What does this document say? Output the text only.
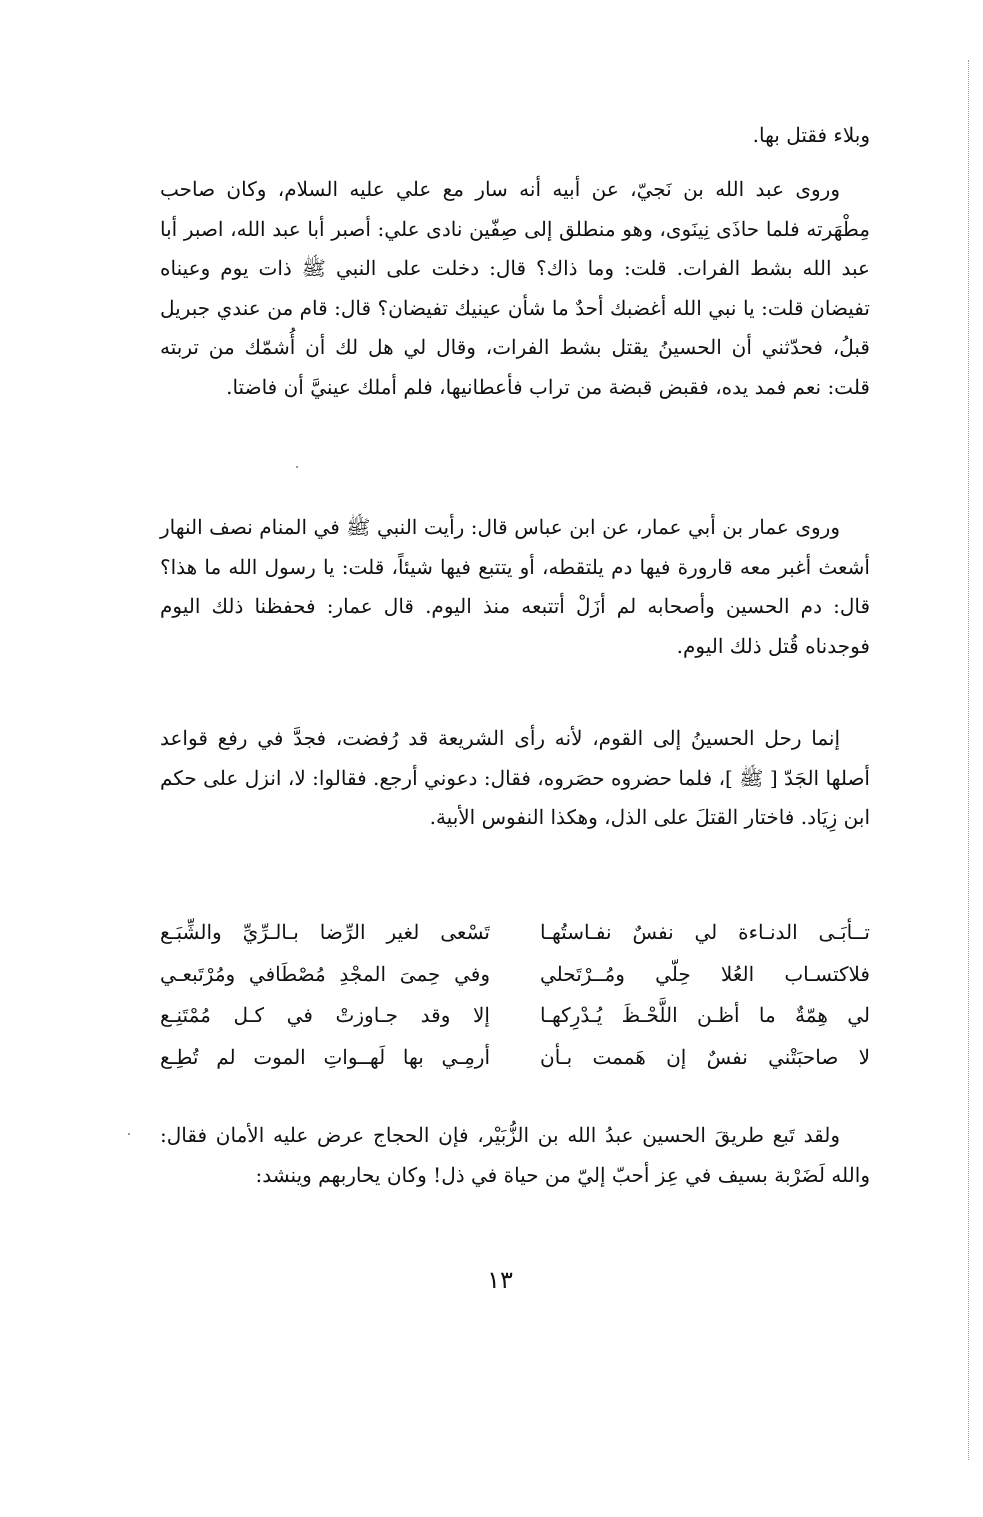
وبلاء فقتل بها.

وروى عبد الله بن نَجيّ، عن أبيه أنه سار مع علي عليه السلام، وكان صاحب مِطْهَرته فلما حاذَى نِينَوى، وهو منطلق إلى صِفّين نادى علي: أصبر أبا عبد الله، اصبر أبا عبد الله بشط الفرات. قلت: وما ذاك؟ قال: دخلت على النبي ﷺ ذات يوم وعيناه تفيضان قلت: يا نبي الله أغضبك أحدٌ ما شأن عينيك تفيضان؟ قال: قام من عندي جبريل قبلُ، فحدّثني أن الحسينُ يقتل بشط الفرات، وقال لي هل لك أن أُشمّك من تربته قلت: نعم فمد يده، فقبض قبضة من تراب فأعطانيها، فلم أملك عينيَّ أن فاضتا.

وروى عمار بن أبي عمار، عن ابن عباس قال: رأيت النبي ﷺ في المنام نصف النهار أشعث أغبر معه قارورة فيها دم يلتقطه، أو يتتبع فيها شيئاً، قلت: يا رسول الله ما هذا؟ قال: دم الحسين وأصحابه لم أزَلْ أتتبعه منذ اليوم. قال عمار: فحفظنا ذلك اليوم فوجدناه قُتل ذلك اليوم.

إنما رحل الحسينُ إلى القوم، لأنه رأى الشريعة قد رُفضت، فجدَّ في رفع قواعد أصلها الجَدّ [ ﷺ ]، فلما حضروه حصَروه، فقال: دعوني أرجع. فقالوا: لا، انزل على حكم ابن زِيَاد. فاختار القتلَ على الذل، وهكذا النفوس الأبية.

تــأبَـى الدنـاءة لي نفسٌ نفـاستُهـا
تَسْعى لغير الرِّضا بـالـرِّيِّ والشِّبَـع
فلاكتسـاب العُلا حِلّي ومُــرْتَحلي
وفي حِمىَ المجْدِ مُصْطَافي ومُرْتَبعـي
لي هِمّةٌ ما أظـن اللَّحْـظَ يُـدْرِكهـا
إلا وقد جـاوزتْ في كـل مُمْتَنِـع
لا صاحبَتْني نفسٌ إن هَممت بـأن
أرمِـي بها لَهــواتِ الموت لم تُطِـع

ولقد تَبع طريقَ الحسين عبدُ الله بن الزُّبَيْر، فإن الحجاج عرض عليه الأمان فقال: والله لَضَرْبة بسيف في عِز أحبّ إليّ من حياة في ذل! وكان يحاربهم وينشد:

١٣
